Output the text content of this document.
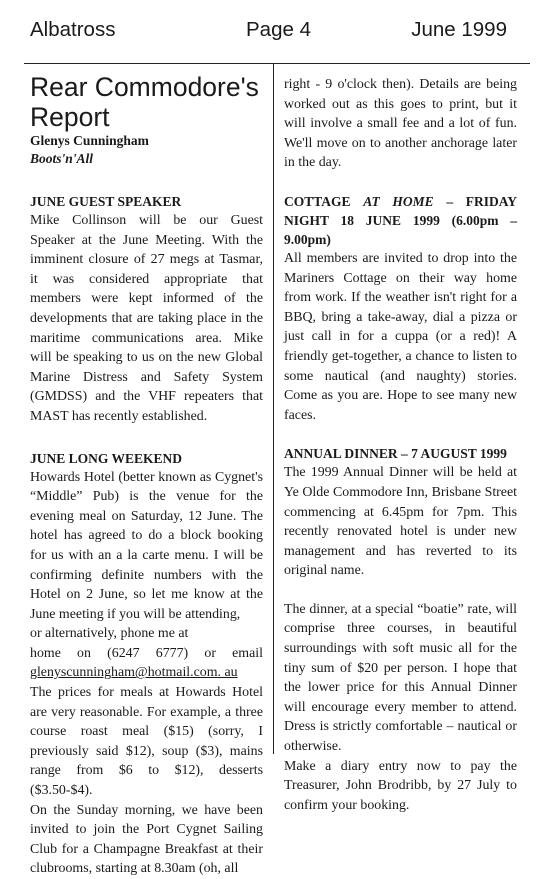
Albatross	Page 4	June 1999
Rear Commodore's
Report

Glenys Cunningham

Boots'n'All

JUNE GUEST SPEAKER

Mike Collinson will be our Guest Speaker at the June Meeting. With the imminent closure of 27 megs at Tasmar, it was considered appropriate that members were kept informed of the developments that are taking place in the maritime communications area. Mike will be speaking to us on the new Global Marine Distress and Safety System (GMDSS) and the VHF repeaters that MAST has recently established.

JUNE LONG WEEKEND

Howards Hotel (better known as Cygnet's “Middle” Pub) is the venue for the evening meal on Saturday, 12 June. The hotel has agreed to do a block booking for us with an a la carte menu. I will be confirming definite numbers with the Hotel on 2 June, so let me know at the June meeting if you will be attending,

or alternatively, phone me at

home on (6247 6777) or email

glenyscunningham@hotmail.com. au

The prices for meals at Howards Hotel are very reasonable. For example, a three course roast meal ($15) (sorry, I previously said $12), soup ($3), mains range from $6 to $12), desserts ($3.50-$4).

On the Sunday morning, we have been invited to join the Port Cygnet Sailing Club for a Champagne Breakfast at their clubrooms, starting at 8.30am (oh, all

right - 9 o'clock then). Details are being worked out as this goes to print, but it will involve a small fee and a lot of fun. We'll move on to another anchorage later in the day.

COTTAGE AT HOME – FRIDAY NIGHT 18 JUNE 1999 (6.00pm – 9.00pm)

All members are invited to drop into the Mariners Cottage on their way home from work. If the weather isn't right for a BBQ, bring a take-away, dial a pizza or just call in for a cuppa (or a red)! A friendly get-together, a chance to listen to some nautical (and naughty) stories. Come as you are. Hope to see many new faces.

ANNUAL DINNER – 7 AUGUST 1999

The 1999 Annual Dinner will be held at Ye Olde Commodore Inn, Brisbane Street commencing at 6.45pm for 7pm. This recently renovated hotel is under new management and has reverted to its original name.

The dinner, at a special “boatie” rate, will comprise three courses, in beautiful surroundings with soft music all for the tiny sum of $20 per person. I hope that the lower price for this Annual Dinner will encourage every member to attend. Dress is strictly comfortable – nautical or otherwise.

Make a diary entry now to pay the Treasurer, John Brodribb, by 27 July to confirm your booking.
